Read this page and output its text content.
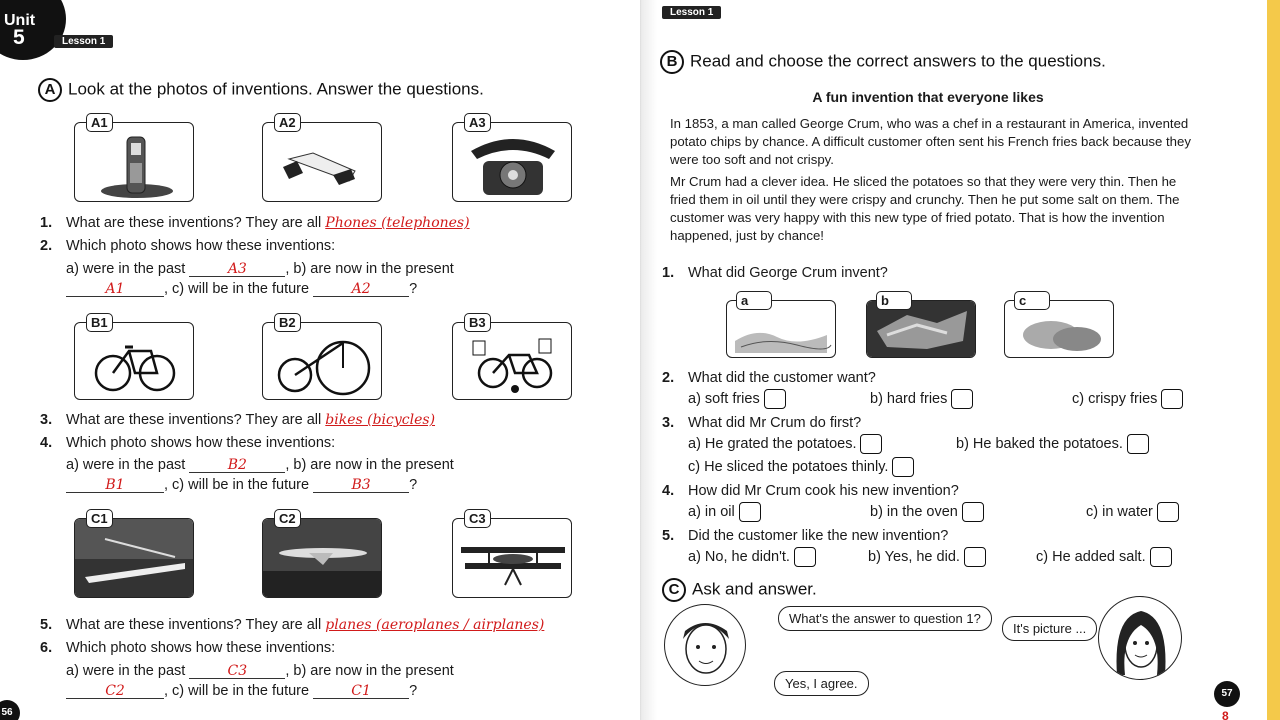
Unit
5	Lesson 1
A Look at the photos of inventions. Answer the questions.
A1	A2	A3
1. What are these inventions? They are all Phones (telephones)
2. Which photo shows how these inventions:
a) were in the past	A3	, b) are now in the present
A1	, c) will be in the future	A2	?
B1	B2	B3
3. What are these inventions? They are all bikes (bicycles)
4. Which photo shows how these inventions:
a) were in the past	B2	, b) are now in the present
B1	, c) will be in the future	B3	?
C1	C2	C3
5. What are these inventions? They are all planes (aeroplanes / airplanes)
6. Which photo shows how these inventions:
a) were in the past	C3	, b) are now in the present
C2	, c) will be in the future	C1	?
56
Lesson 1
B Read and choose the correct answers to the questions.
A fun invention that everyone likes

In 1853, a man called George Crum, who was a chef in a restaurant in America, invented potato chips by chance. A difficult customer often sent his French fries back because they were too soft and not crispy.

Mr Crum had a clever idea. He sliced the potatoes so that they were very thin. Then he fried them in oil until they were crispy and crunchy. Then he put some salt on them. The customer was very happy with this new type of fried potato. That is how the invention happened, just by chance!

1. What did George Crum invent?
a	b	c
2. What did the customer want?
a) soft fries	b) hard fries	c) crispy fries
3. What did Mr Crum do first?
a) He grated the potatoes.	b) He baked the potatoes.
c) He sliced the potatoes thinly.
4. How did Mr Crum cook his new invention?
a) in oil	b) in the oven	c) in water
5. Did the customer like the new invention?
a) No, he didn't.	b) Yes, he did.	c) He added salt.
C Ask and answer.
What's the answer to question 1?
It's picture ...
Yes, I agree.
57
8
